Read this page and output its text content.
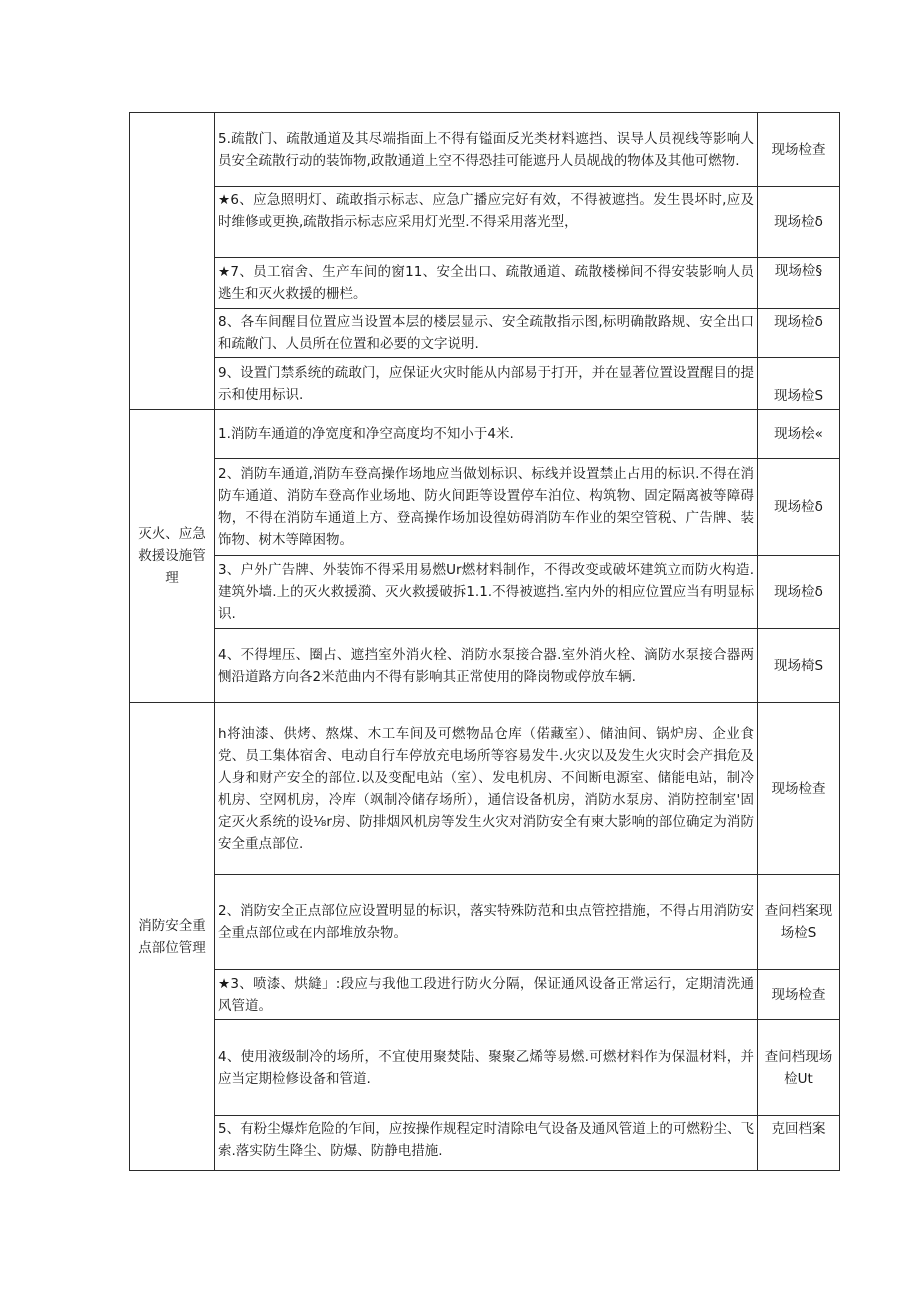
	5.疏散门、疏散通道及其尽端指面上不得有镒面反光类材料遮挡、误导人员视线等影响人员安全疏散行动的装饰物,政散通道上空不得恐挂可能遮丹人员觇战的物体及其他可燃物.	现场检查
	★6、应急照明灯、疏敢指示标志、应急广播应完好有效，不得被遮挡。发生畏坏时,应及时维修或更换,疏散指示标志应采用灯光型.不得采用落光型，	现场检δ
	★7、员工宿舍、生产车间的窗11、安全出口、疏散通道、疏散楼梯间不得安装影响人员逃生和灭火救援的栅栏。	现场检§
	8、各车间醒目位置应当设置本层的楼层显示、安全疏散指示图,标明确散路规、安全出口和疏敞门、人员所在位置和必要的文字说明.	现场检δ
	9、设置门禁系统的疏敢门，应保证火灾时能从内部易于打开，并在显著位置设置醒目的提示和使用标识.	现场检S
灭火、应急救援设施管理	1.消防车通道的净宽度和净空高度均不知小于4米.	现场桧«
	2、消防车通道,消防车登高操作场地应当做划标识、标线并设置禁止占用的标识.不得在消防车通道、消防车登高作业场地、防火间距等设置停车泊位、构筑物、固定隔离被等障碍物，不得在消防车通道上方、登高操作场加设徨妨碍消防车作业的架空管税、广告牌、装饰物、树木等障困物。	现场检δ
	3、户外广告牌、外装饰不得采用易燃Ur燃材料制作，不得改变或破坏建筑立而防火构造.建筑外墙.上的灭火救援漪、灭火救援破拆1.1.不得被遮挡.室内外的相应位置应当有明显标识.	现场检δ
	4、不得埋压、圈占、遮挡室外消火栓、消防水泵接合器.室外消火栓、滴防水泵接合器两恻沿道路方向各2米范曲内不得有影响其正常使用的降岗物或停放车辆.	现场椅S
消防安全重点部位管理	h将油漆、供烤、熬煤、木工车间及可燃物品仓库（偌藏室）、储油间、锅炉房、企业食党、员工集体宿舍、电动自行车停放充电场所等容易发牛.火灾以及发生火灾时会产揖危及人身和财产安全的部位.以及变配电站（室）、发电机房、不间断电源室、储能电站，制冷机房、空网机房，冷库（飒制冷储存场所），通信设备机房，消防水泵房、消防控制室'固定灭火系统的设⅛r房、防排烟风机房等发生火灾对消防安全有柬大影响的部位确定为消防安全重点部位.	现场检查
	2、消防安全正点部位应设置明显的标识，落实特殊防范和虫点管控措施，不得占用消防安全重点部位或在内部堆放杂物。	查问档案现场检S
	★3、喷漆、烘縫」:段应与我他工段进行防火分隔，保证通风设备正常运行，定期清洗通风管道。	现场检查
	4、使用液级制冷的场所，不宜使用聚焚陆、聚聚乙烯等易燃.可燃材料作为保温材料，并应当定期检修设备和管道.	查问档现场检Ut
	5、有粉尘爆炸危险的乍间，应按操作规程定时清除电气设备及通风管道上的可燃粉尘、飞索.落实防生降尘、防爆、防静电措施.	克回档案
